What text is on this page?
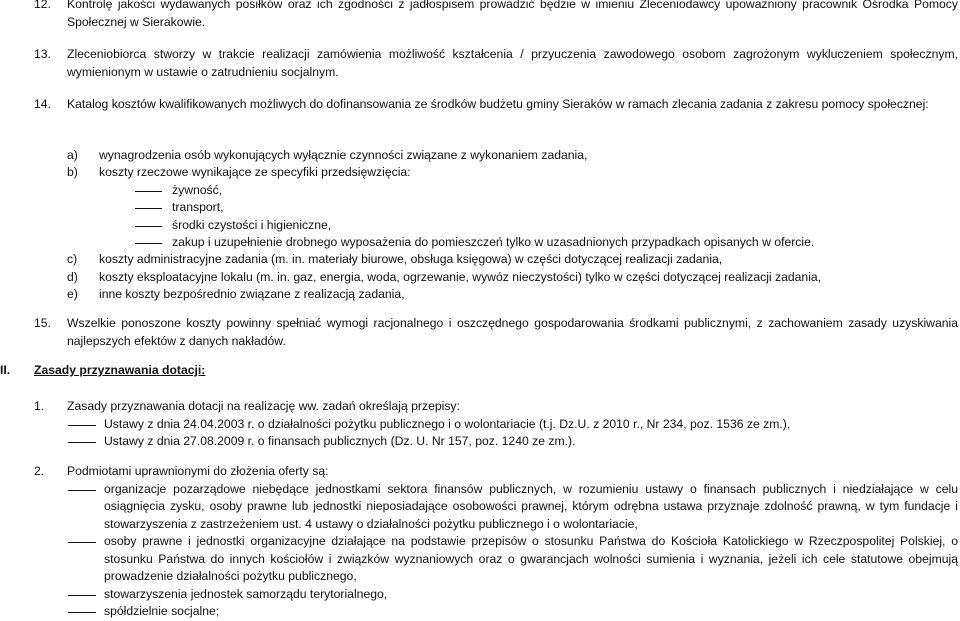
12.	Kontrolę jakości wydawanych posiłków oraz ich zgodności z jadłospisem prowadzić będzie w imieniu Zleceniodawcy upoważniony pracownik Ośrodka Pomocy Społecznej w Sierakowie.
13.	Zleceniobiorca stworzy w trakcie realizacji zamówienia możliwość kształcenia / przyuczenia zawodowego osobom zagrożonym wykluczeniem społecznym, wymienionym w ustawie o zatrudnieniu socjalnym.
14.	Katalog kosztów kwalifikowanych możliwych do dofinansowania ze środków budżetu gminy Sieraków w ramach zlecania zadania z zakresu pomocy społecznej:
a) wynagrodzenia osób wykonujących wyłącznie czynności związane z wykonaniem zadania,
b) koszty rzeczowe wynikające ze specyfiki przedsięwzięcia:
żywność,
transport,
środki czystości i higieniczne,
zakup i uzupełnienie drobnego wyposażenia do pomieszczeń tylko w uzasadnionych przypadkach opisanych w ofercie.
c) koszty administracyjne zadania (m. in. materiały biurowe, obsługa księgowa) w części dotyczącej realizacji zadania,
d) koszty eksploatacyjne lokalu (m. in. gaz, energia, woda, ogrzewanie, wywóz nieczystości) tylko w części dotyczącej realizacji zadania,
e) inne koszty bezpośrednio związane z realizacją zadania,
15.	Wszelkie ponoszone koszty powinny spełniać wymogi racjonalnego i oszczędnego gospodarowania środkami publicznymi, z zachowaniem zasady uzyskiwania najlepszych efektów z danych nakładów.
II. Zasady przyznawania dotacji:
1.	Zasady przyznawania dotacji na realizację ww. zadań określają przepisy:
Ustawy z dnia 24.04.2003 r. o działalności pożytku publicznego i o wolontariacie (t.j. Dz.U. z 2010 r., Nr 234, poz. 1536 ze zm.),
Ustawy z dnia 27.08.2009 r. o finansach publicznych (Dz. U. Nr 157, poz. 1240 ze zm.).
2.	Podmiotami uprawnionymi do złożenia oferty są:
organizacje pozarządowe niebędące jednostkami sektora finansów publicznych, w rozumieniu ustawy o finansach publicznych i niedziałające w celu osiągnięcia zysku, osoby prawne lub jednostki nieposiadające osobowości prawnej, którym odrębna ustawa przyznaje zdolność prawną, w tym fundacje i stowarzyszenia z zastrzeżeniem ust. 4 ustawy o działalności pożytku publicznego i o wolontariacie,
osoby prawne i jednostki organizacyjne działające na podstawie przepisów o stosunku Państwa do Kościoła Katolickiego w Rzeczpospolitej Polskiej, o stosunku Państwa do innych kościołów i związków wyznaniowych oraz o gwarancjach wolności sumienia i wyznania, jeżeli ich cele statutowe obejmują prowadzenie działalności pożytku publicznego,
stowarzyszenia jednostek samorządu terytorialnego,
spółdzielnie socjalne;
